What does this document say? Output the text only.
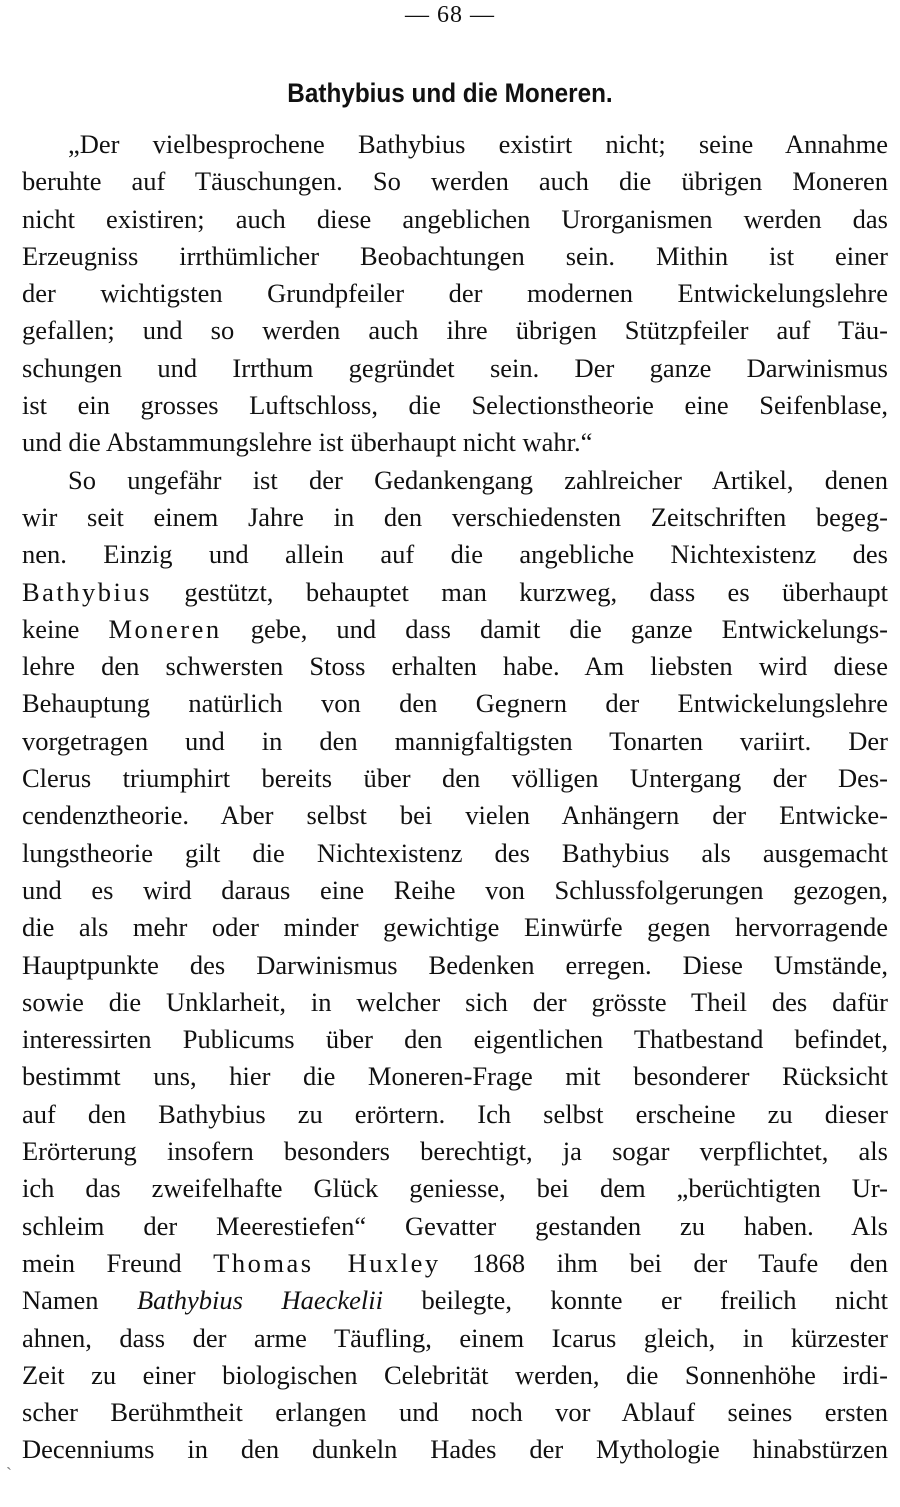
— 68 —
Bathybius und die Moneren.
ˎ
„Der vielbesprochene Bathybius existirt nicht; seine Annahme
beruhte auf Täuschungen. So werden auch die übrigen Moneren
nicht existiren; auch diese angeblichen Urorganismen werden das
Erzeugniss irrthümlicher Beobachtungen sein. Mithin ist einer
der wichtigsten Grundpfeiler der modernen Entwickelungslehre
gefallen; und so werden auch ihre übrigen Stützpfeiler auf Täu-
schungen und Irrthum gegründet sein. Der ganze Darwinismus
ist ein grosses Luftschloss, die Selectionstheorie eine Seifenblase,
und die Abstammungslehre ist überhaupt nicht wahr.“
So ungefähr ist der Gedankengang zahlreicher Artikel, denen
wir seit einem Jahre in den verschiedensten Zeitschriften begeg-
nen. Einzig und allein auf die angebliche Nichtexistenz des
Bathybius gestützt, behauptet man kurzweg, dass es überhaupt
keine Moneren gebe, und dass damit die ganze Entwickelungs-
lehre den schwersten Stoss erhalten habe. Am liebsten wird diese
Behauptung natürlich von den Gegnern der Entwickelungslehre
vorgetragen und in den mannigfaltigsten Tonarten variirt. Der
Clerus triumphirt bereits über den völligen Untergang der Des-
cendenztheorie. Aber selbst bei vielen Anhängern der Entwicke-
lungstheorie gilt die Nichtexistenz des Bathybius als ausgemacht
und es wird daraus eine Reihe von Schlussfolgerungen gezogen,
die als mehr oder minder gewichtige Einwürfe gegen hervorragende
Hauptpunkte des Darwinismus Bedenken erregen. Diese Umstände,
sowie die Unklarheit, in welcher sich der grösste Theil des dafür
interessirten Publicums über den eigentlichen Thatbestand befindet,
bestimmt uns, hier die Moneren-Frage mit besonderer Rücksicht
auf den Bathybius zu erörtern. Ich selbst erscheine zu dieser
Erörterung insofern besonders berechtigt, ja sogar verpflichtet, als
ich das zweifelhafte Glück geniesse, bei dem „berüchtigten Ur-
schleim der Meerestiefen“ Gevatter gestanden zu haben. Als
mein Freund Thomas Huxley 1868 ihm bei der Taufe den
Namen Bathybius Haeckelii beilegte, konnte er freilich nicht
ahnen, dass der arme Täufling, einem Icarus gleich, in kürzester
Zeit zu einer biologischen Celebrität werden, die Sonnenhöhe irdi-
scher Berühmtheit erlangen und noch vor Ablauf seines ersten
Decenniums in den dunkeln Hades der Mythologie hinabstürzen
